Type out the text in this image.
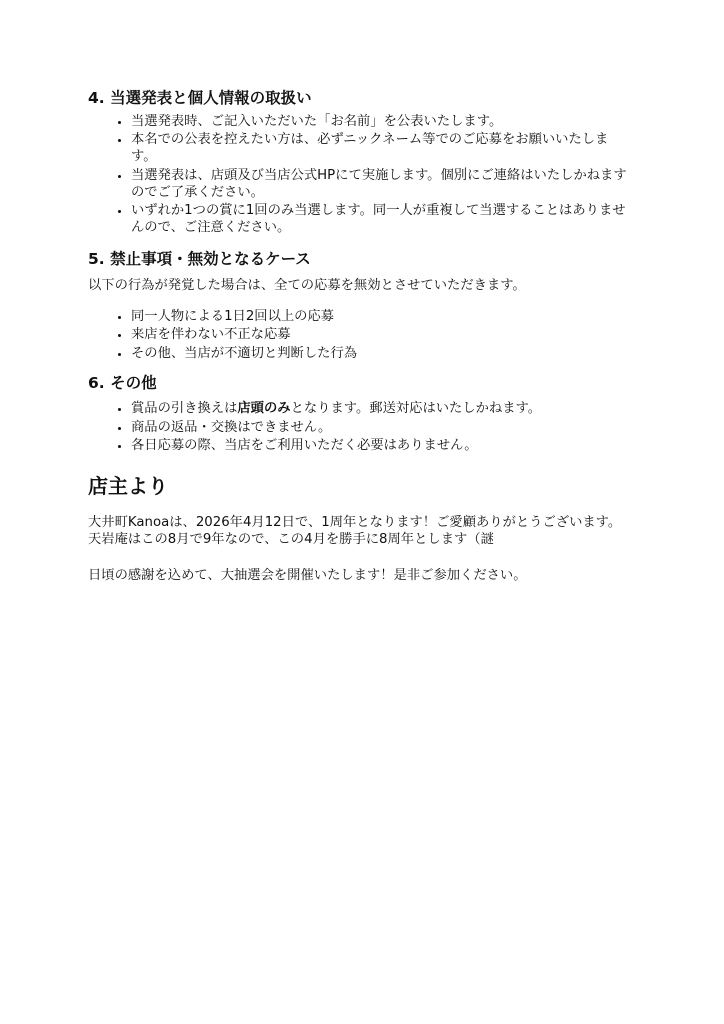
4. 当選発表と個人情報の取扱い
• 当選発表時、ご記入いただいた「お名前」を公表いたします。
• 本名での公表を控えたい方は、必ずニックネーム等でのご応募をお願いいたします。
• 当選発表は、店頭及び当店公式HPにて実施します。個別にご連絡はいたしかねますのでご了承ください。
• いずれか1つの賞に1回のみ当選します。同一人が重複して当選することはありませんので、ご注意ください。
5. 禁止事項・無効となるケース

以下の行為が発覚した場合は、全ての応募を無効とさせていただきます。

• 同一人物による1日2回以上の応募
• 来店を伴わない不正な応募
• その他、当店が不適切と判断した行為
6. その他
• 賞品の引き換えは店頭のみとなります。郵送対応はいたしかねます。
• 商品の返品・交換はできません。
• 各日応募の際、当店をご利用いただく必要はありません。
店主より
大井町Kanoaは、2026年4月12日で、1周年となります！ご愛顧ありがとうございます。
天岩庵はこの8月で9年なので、この4月を勝手に8周年とします（謎
日頃の感謝を込めて、大抽選会を開催いたします！是非ご参加ください。
